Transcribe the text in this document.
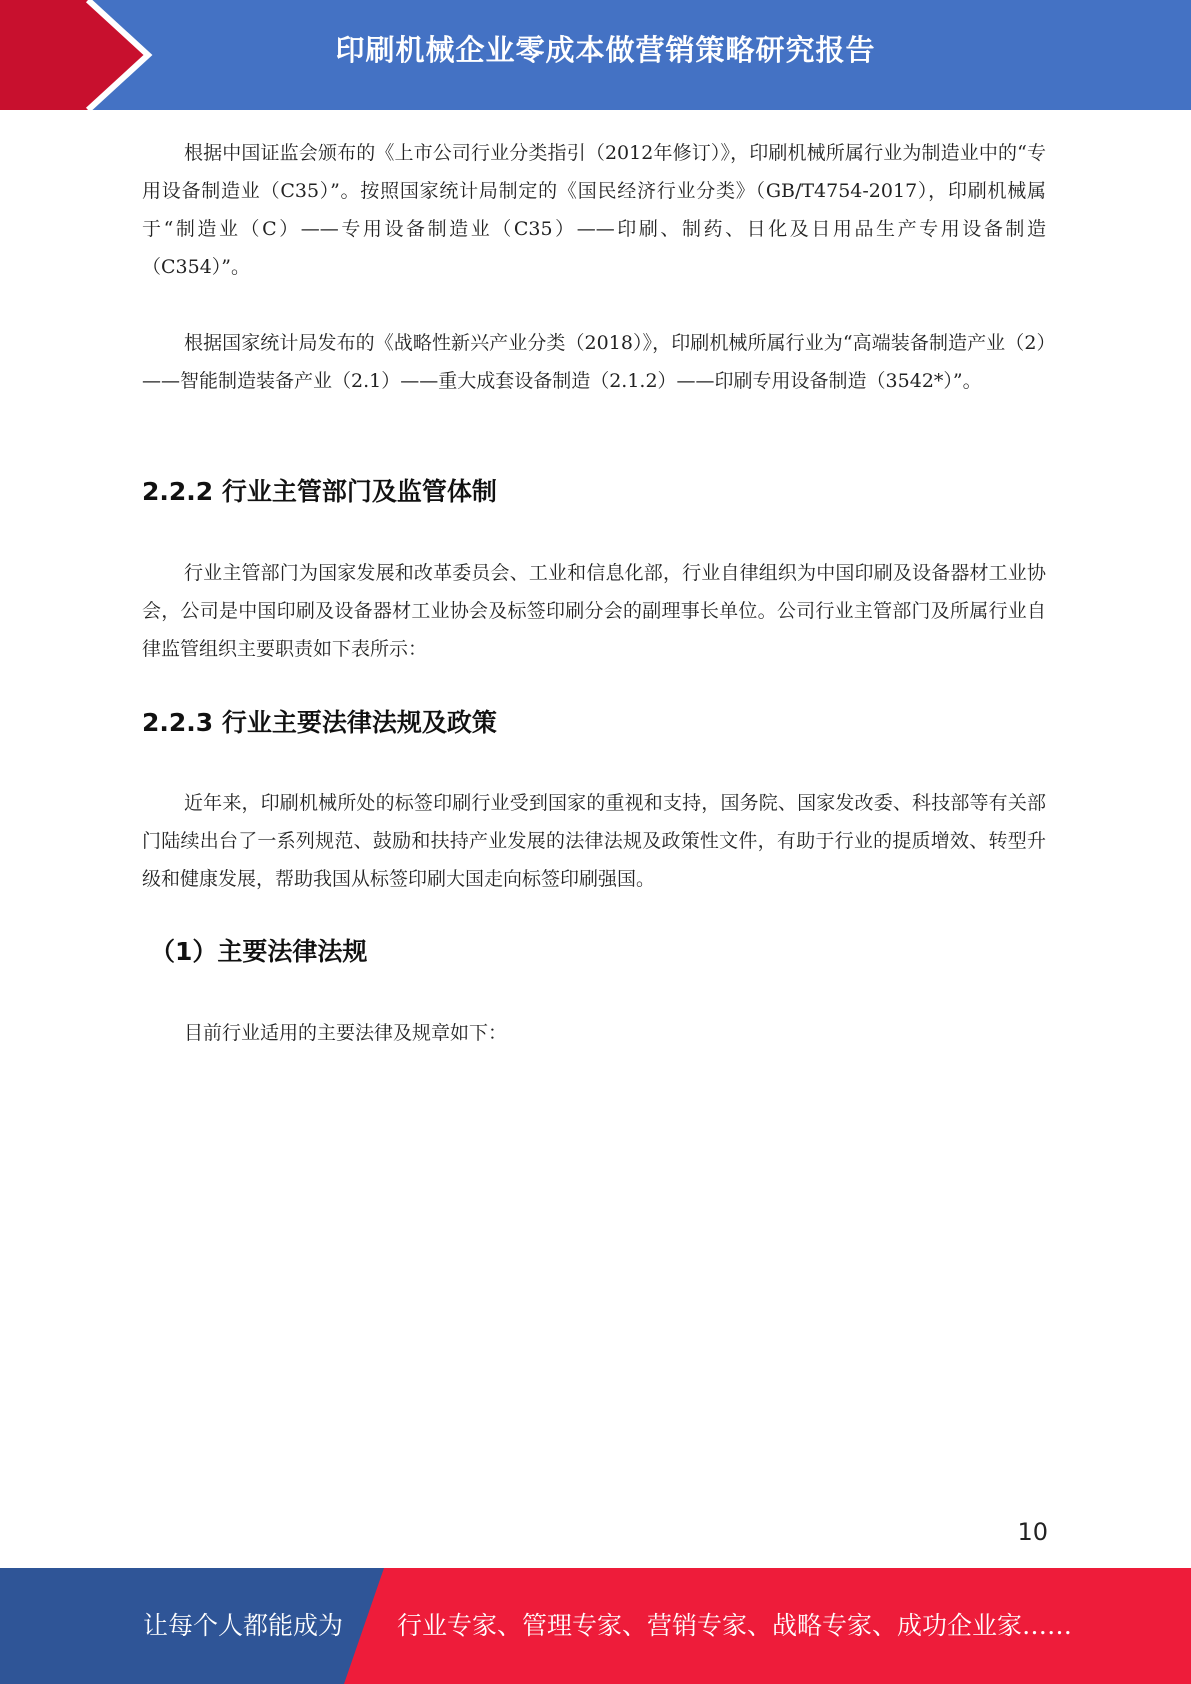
印刷机械企业零成本做营销策略研究报告

根据中国证监会颁布的《上市公司行业分类指引（2012年修订）》，印刷机械所属行业为制造业中的“专用设备制造业（C35）”。按照国家统计局制定的《国民经济行业分类》（GB/T4754-2017），印刷机械属于“制造业（C）——专用设备制造业（C35）——印刷、制药、日化及日用品生产专用设备制造（C354）”。

根据国家统计局发布的《战略性新兴产业分类（2018）》，印刷机械所属行业为“高端装备制造产业（2）——智能制造装备产业（2.1）——重大成套设备制造（2.1.2）——印刷专用设备制造（3542*）”。

2.2.2 行业主管部门及监管体制

行业主管部门为国家发展和改革委员会、工业和信息化部，行业自律组织为中国印刷及设备器材工业协会，公司是中国印刷及设备器材工业协会及标签印刷分会的副理事长单位。公司行业主管部门及所属行业自律监管组织主要职责如下表所示：

2.2.3 行业主要法律法规及政策

近年来，印刷机械所处的标签印刷行业受到国家的重视和支持，国务院、国家发改委、科技部等有关部门陆续出台了一系列规范、鼓励和扶持产业发展的法律法规及政策性文件，有助于行业的提质增效、转型升级和健康发展，帮助我国从标签印刷大国走向标签印刷强国。

（1）主要法律法规

目前行业适用的主要法律及规章如下：

10
让每个人都能成为 行业专家、管理专家、营销专家、战略专家、成功企业家……
